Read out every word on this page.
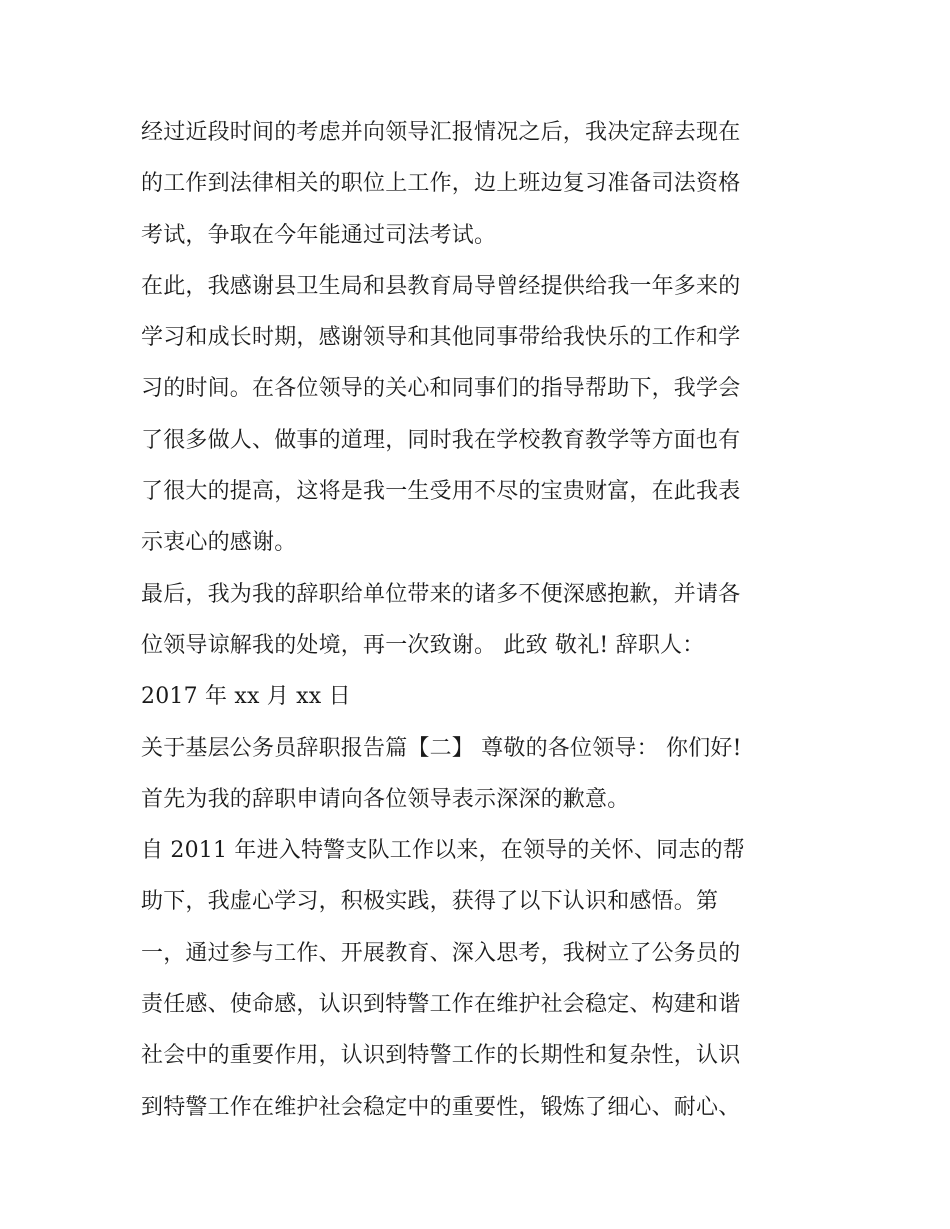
经过近段时间的考虑并向领导汇报情况之后，我决定辞去现在
的工作到法律相关的职位上工作，边上班边复习准备司法资格
考试，争取在今年能通过司法考试。
在此，我感谢县卫生局和县教育局导曾经提供给我一年多来的
学习和成长时期，感谢领导和其他同事带给我快乐的工作和学
习的时间。在各位领导的关心和同事们的指导帮助下，我学会
了很多做人、做事的道理，同时我在学校教育教学等方面也有
了很大的提高，这将是我一生受用不尽的宝贵财富，在此我表
示衷心的感谢。
最后，我为我的辞职给单位带来的诸多不便深感抱歉，并请各
位领导谅解我的处境，再一次致谢。 此致 敬礼! 辞职人：
2017 年 xx 月 xx 日
关于基层公务员辞职报告篇【二】 尊敬的各位领导： 你们好!
首先为我的辞职申请向各位领导表示深深的歉意。
自 2011 年进入特警支队工作以来，在领导的关怀、同志的帮
助下，我虚心学习，积极实践，获得了以下认识和感悟。第
一，通过参与工作、开展教育、深入思考，我树立了公务员的
责任感、使命感，认识到特警工作在维护社会稳定、构建和谐
社会中的重要作用，认识到特警工作的长期性和复杂性，认识
到特警工作在维护社会稳定中的重要性，锻炼了细心、耐心、
